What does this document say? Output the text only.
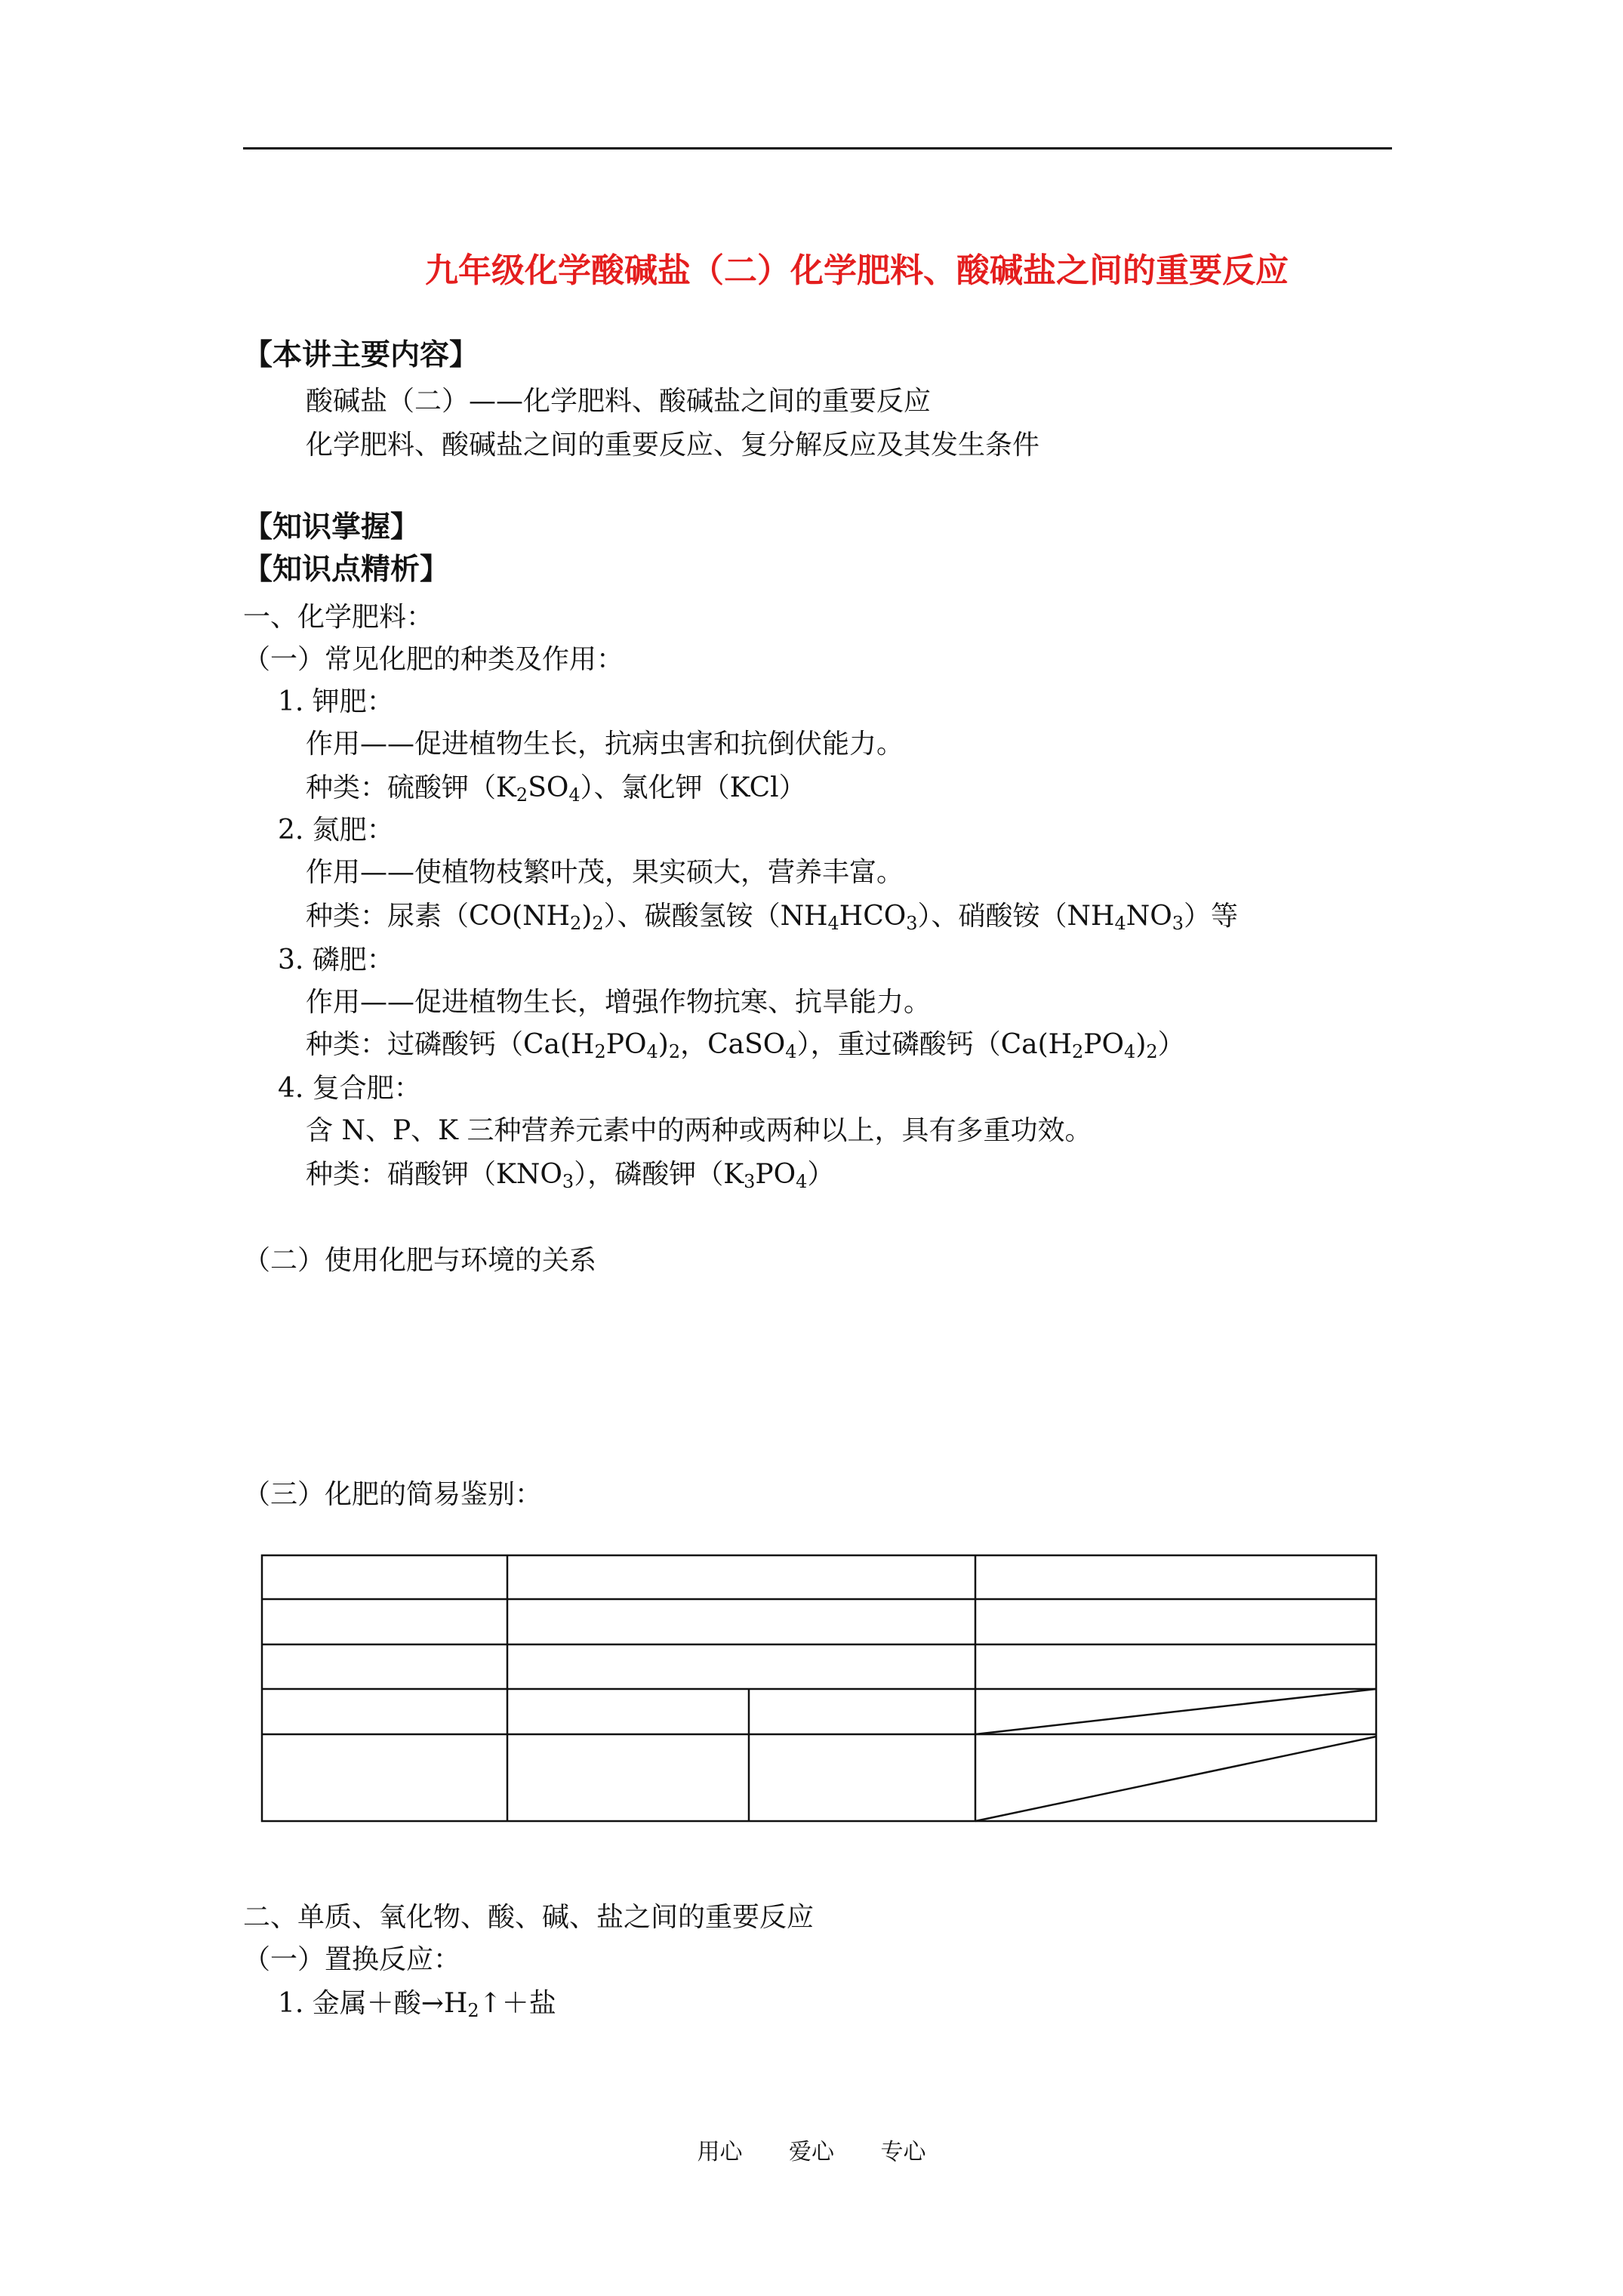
九年级化学酸碱盐（二）化学肥料、酸碱盐之间的重要反应
【本讲主要内容】
酸碱盐（二）——化学肥料、酸碱盐之间的重要反应
化学肥料、酸碱盐之间的重要反应、复分解反应及其发生条件
【知识掌握】
【知识点精析】
一、化学肥料：
（一）常见化肥的种类及作用：
1. 钾肥：
作用——促进植物生长，抗病虫害和抗倒伏能力。
种类：硫酸钾$(K_2SO_4)$、氯化钾（KCl）
2. 氮肥：
作用——使植物枝繁叶茂，果实硕大，营养丰富。
种类：尿素$(CO(NH_2)_2)$、碳酸氢铵$(NH_4HCO_3)$、硝酸铵$(NH_4NO_3)$等
3. 磷肥：
作用——促进植物生长，增强作物抗寒、抗旱能力。
种类：过磷酸钙（$Ca(H_2PO_4)_2$，CaSO$_4$），重过磷酸钙$(Ca(H_2PO_4)_2)$
4. 复合肥：
含 N、P、K 三种营养元素中的两种或两种以上，具有多重功效。
种类：硝酸钾$(KNO_3)$，磷酸钾$(K_3PO_4)$
（二）使用化肥与环境的关系
（三）化肥的简易鉴别：
二、单质、氧化物、酸、碱、盐之间的重要反应
（一）置换反应：
1. 金属＋酸$\to H_2↑+$盐
用心 爱心 专心
